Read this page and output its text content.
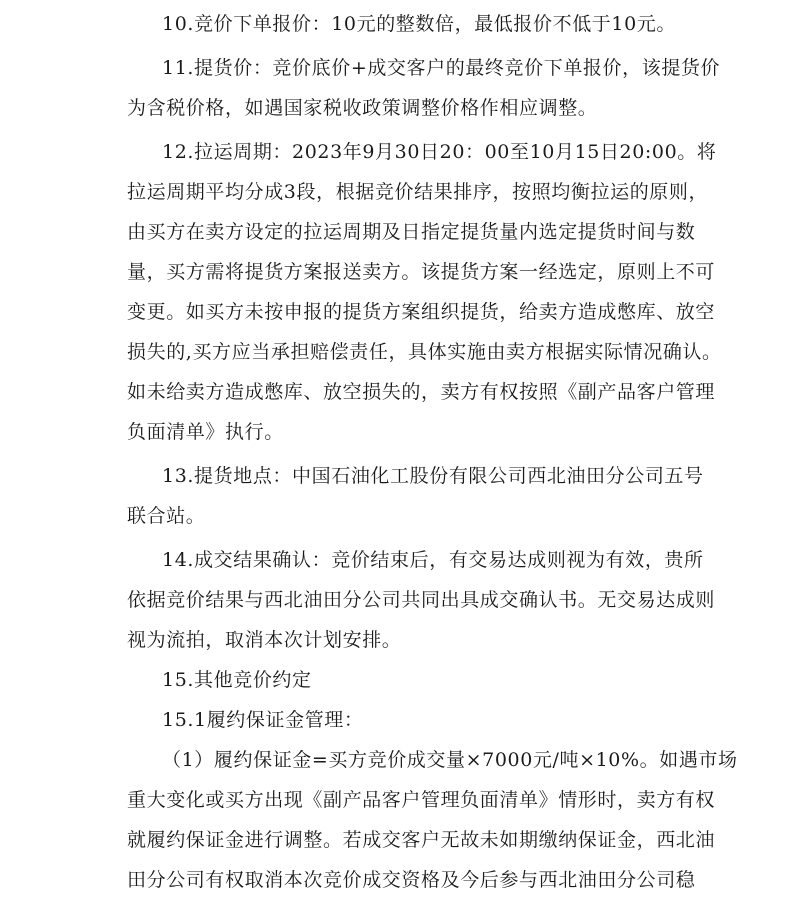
10.竞价下单报价：10元的整数倍，最低报价不低于10元。
11.提货价：竞价底价+成交客户的最终竞价下单报价，该提货价
为含税价格，如遇国家税收政策调整价格作相应调整。
12.拉运周期：2023年9月30日20：00至10月15日20:00。将
拉运周期平均分成3段，根据竞价结果排序，按照均衡拉运的原则，
由买方在卖方设定的拉运周期及日指定提货量内选定提货时间与数
量，买方需将提货方案报送卖方。该提货方案一经选定，原则上不可
变更。如买方未按申报的提货方案组织提货，给卖方造成憋库、放空
损失的,买方应当承担赔偿责任，具体实施由卖方根据实际情况确认。
如未给卖方造成憋库、放空损失的，卖方有权按照《副产品客户管理
负面清单》执行。
13.提货地点：中国石油化工股份有限公司西北油田分公司五号
联合站。
14.成交结果确认：竞价结束后，有交易达成则视为有效，贵所
依据竞价结果与西北油田分公司共同出具成交确认书。无交易达成则
视为流拍，取消本次计划安排。
15.其他竞价约定
15.1履约保证金管理：
（1）履约保证金=买方竞价成交量×7000元/吨×10%。如遇市场
重大变化或买方出现《副产品客户管理负面清单》情形时，卖方有权
就履约保证金进行调整。若成交客户无故未如期缴纳保证金，西北油
田分公司有权取消本次竞价成交资格及今后参与西北油田分公司稳
